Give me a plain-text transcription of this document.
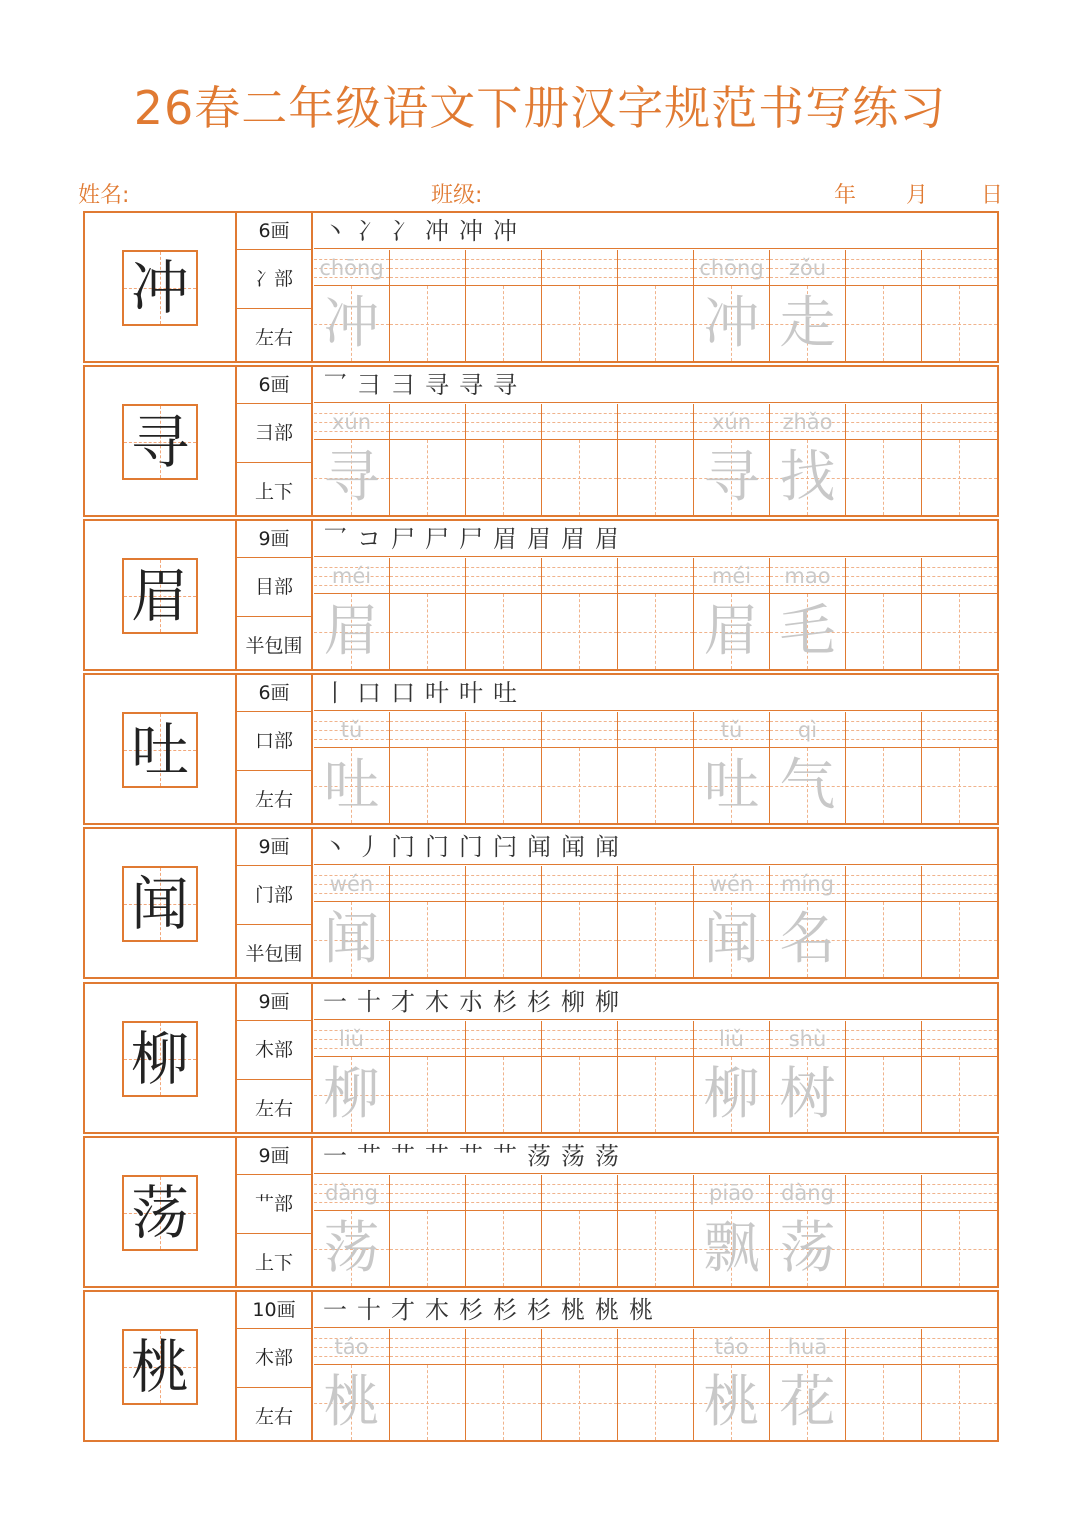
26春二年级语文下册汉字规范书写练习
姓名:	班级:	年 月 日
冲
6画
冫部
左右
丶 冫 冫 冲 冲 冲
chōng
冲
chōng
冲
zǒu
走
寻
6画
彐部
上下
乛 彐 彐 寻 寻 寻
xún
寻
xún
寻
zhǎo
找
眉
9画
目部
半包围
乛 コ 尸 尸 尸 眉 眉 眉 眉
méi
眉
méi
眉
mao
毛
吐
6画
口部
左右
丨 口 口 叶 叶 吐
tǔ
吐
tǔ
吐
qì
气
闻
9画
门部
半包围
丶 丿 门 门 门 闩 闻 闻 闻
wén
闻
wén
闻
míng
名
柳
9画
木部
左右
一 十 才 木 朩 杉 杉 柳 柳
liǔ
柳
liǔ
柳
shù
树
荡
9画
艹部
上下
一 艹 艹 艹 艹 艹 荡 荡 荡
dàng
荡
piāo
飘
dàng
荡
桃
10画
木部
左右
一 十 才 木 杉 杉 杉 桃 桃 桃
táo
桃
táo
桃
huā
花
